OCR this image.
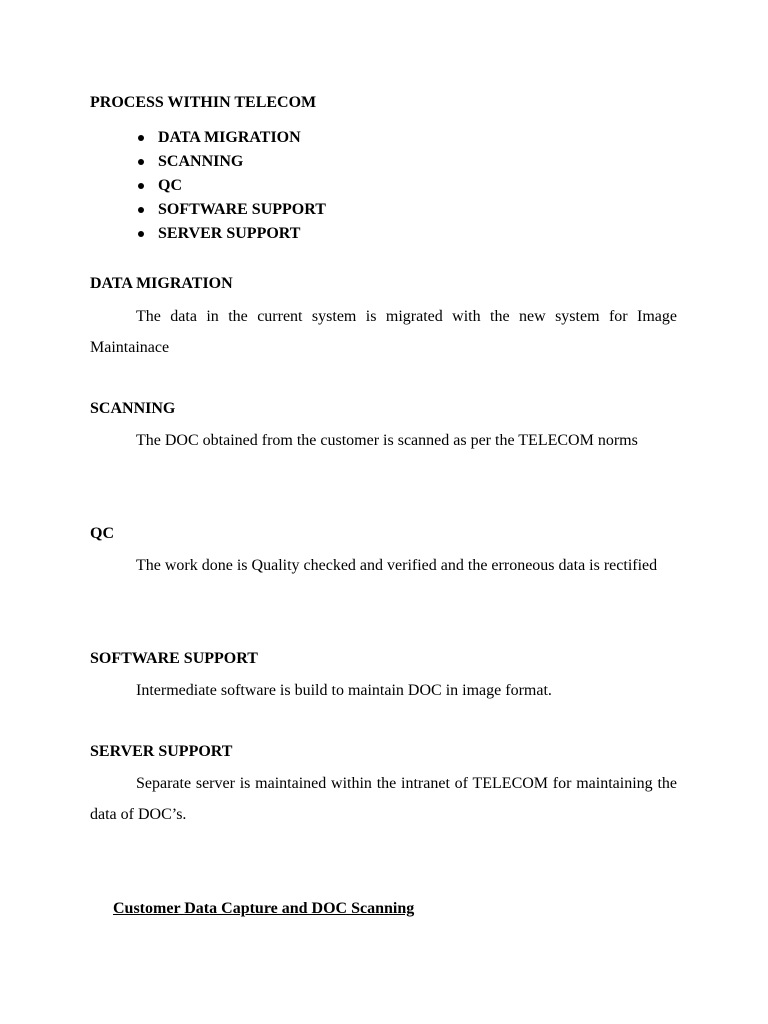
PROCESS WITHIN TELECOM
DATA MIGRATION
SCANNING
QC
SOFTWARE SUPPORT
SERVER SUPPORT
DATA MIGRATION
The data in the current system is migrated with the new system for Image Maintainace
SCANNING
The DOC obtained from the customer is scanned as per the TELECOM norms
QC
The work done is Quality checked and verified and the erroneous data is rectified
SOFTWARE SUPPORT
Intermediate software is build to maintain DOC in image format.
SERVER SUPPORT
Separate server is maintained within the intranet of TELECOM for maintaining the data of DOC’s.
Customer Data Capture and DOC Scanning
